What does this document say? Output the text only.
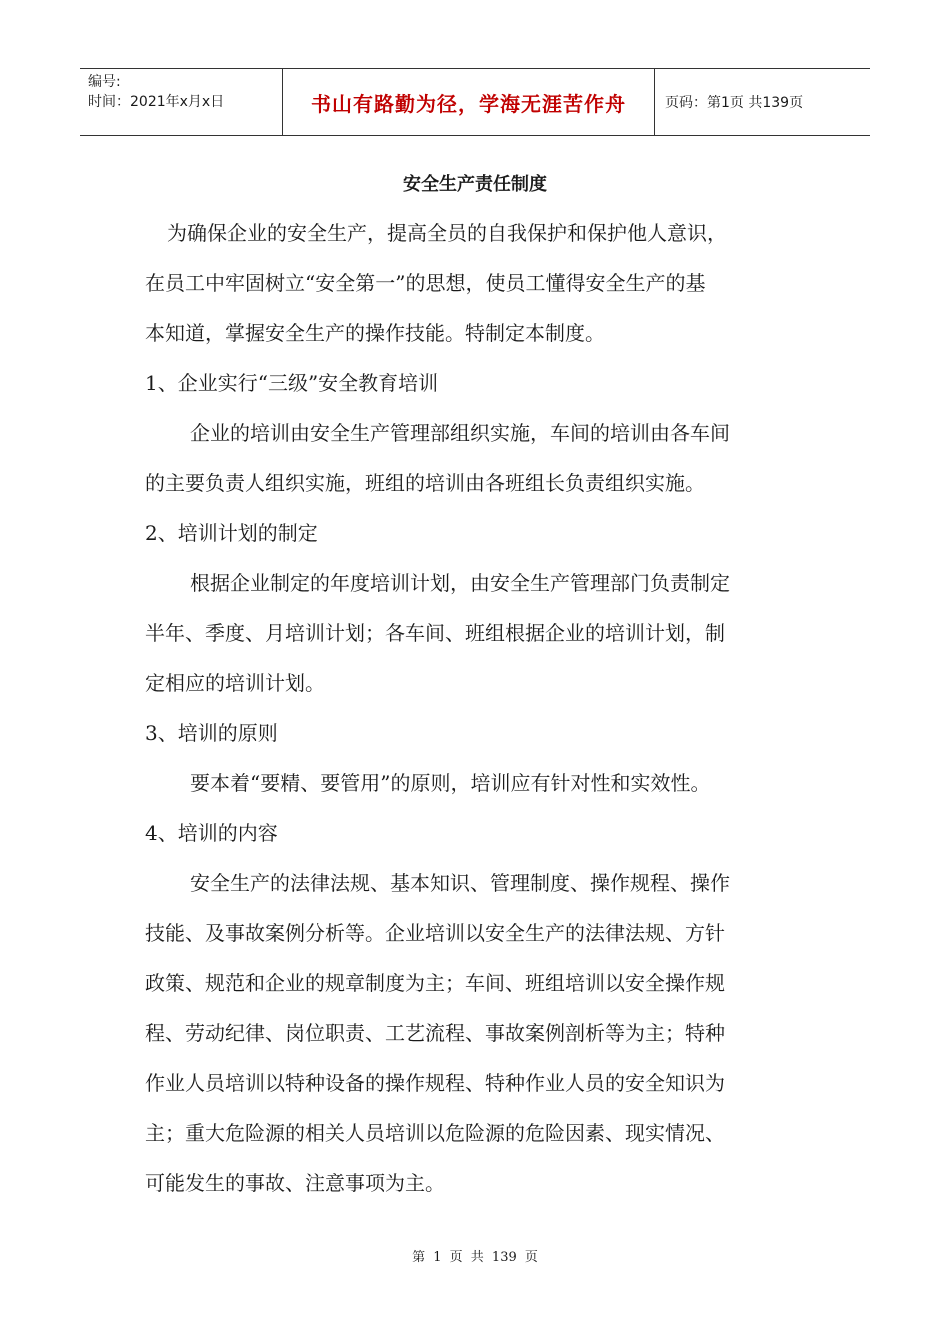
编号:
时间：2021年x月x日	书山有路勤为径，学海无涯苦作舟	页码：第1页 共139页
安全生产责任制度

为确保企业的安全生产，提高全员的自我保护和保护他人意识，

在员工中牢固树立“安全第一”的思想，使员工懂得安全生产的基

本知道，掌握安全生产的操作技能。特制定本制度。

1、企业实行“三级”安全教育培训

企业的培训由安全生产管理部组织实施，车间的培训由各车间

的主要负责人组织实施，班组的培训由各班组长负责组织实施。

2、培训计划的制定

根据企业制定的年度培训计划，由安全生产管理部门负责制定

半年、季度、月培训计划；各车间、班组根据企业的培训计划，制

定相应的培训计划。

3、培训的原则

要本着“要精、要管用”的原则，培训应有针对性和实效性。

4、培训的内容

安全生产的法律法规、基本知识、管理制度、操作规程、操作

技能、及事故案例分析等。企业培训以安全生产的法律法规、方针

政策、规范和企业的规章制度为主；车间、班组培训以安全操作规

程、劳动纪律、岗位职责、工艺流程、事故案例剖析等为主；特种

作业人员培训以特种设备的操作规程、特种作业人员的安全知识为

主；重大危险源的相关人员培训以危险源的危险因素、现实情况、

可能发生的事故、注意事项为主。

第 1 页 共 139 页
